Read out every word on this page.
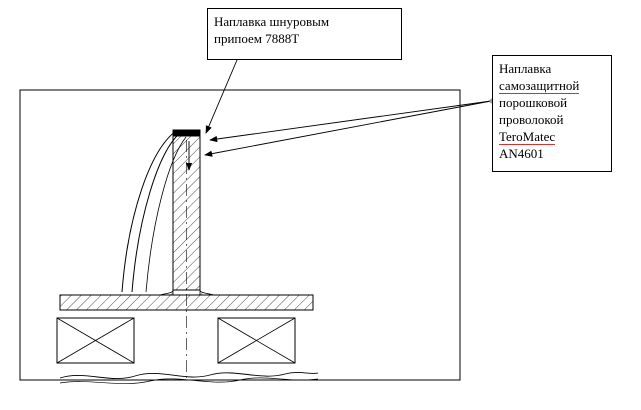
Наплавка шнуровым
припоем 7888Т
Наплавка
самозащитной
порошковой
проволокой
TeroMatec
AN4601
